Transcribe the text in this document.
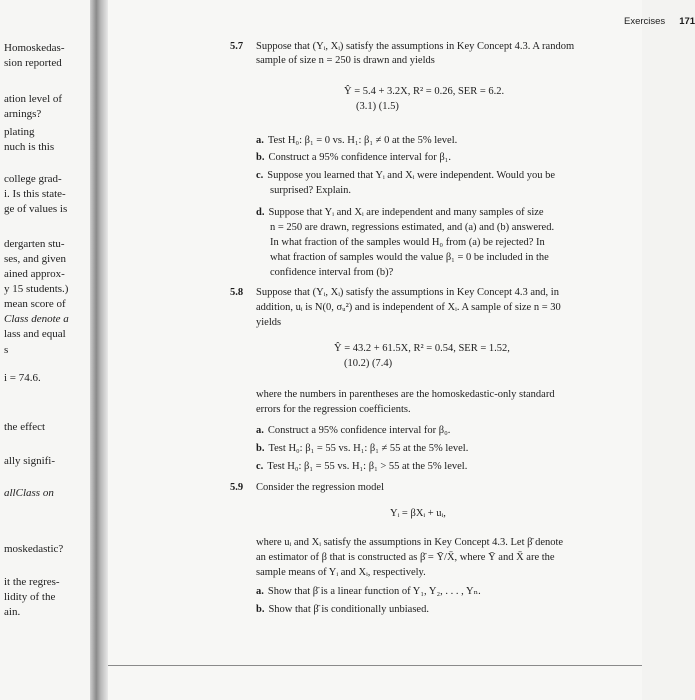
Homoskedas-
sion reported
ation level of
arnings?
plating
nuch is this
college grad-
i. Is this state-
ge of values is
dergarten stu-
ses, and given
ained approx-
y 15 students.)
mean score of
Class denote a
lass and equal
s
i = 74.6.
the effect
ally signifi-
allClass on
moskedastic?
it the regres-
lidity of the
ain.
Exercises 171
5.7 Suppose that (Yᵢ, Xᵢ) satisfy the assumptions in Key Concept 4.3. A random
sample of size n = 250 is drawn and yields
Ŷ = 5.4 + 3.2X, R² = 0.26, SER = 6.2.
(3.1) (1.5)
a. Test H₀: β₁ = 0 vs. H₁: β₁ ≠ 0 at the 5% level.
b. Construct a 95% confidence interval for β₁.
c. Suppose you learned that Yᵢ and Xᵢ were independent. Would you be
surprised? Explain.
d. Suppose that Yᵢ and Xᵢ are independent and many samples of size
n = 250 are drawn, regressions estimated, and (a) and (b) answered.
In what fraction of the samples would H₀ from (a) be rejected? In
what fraction of samples would the value β₁ = 0 be included in the
confidence interval from (b)?
5.8 Suppose that (Yᵢ, Xᵢ) satisfy the assumptions in Key Concept 4.3 and, in
addition, uᵢ is N(0, σᵤ²) and is independent of Xᵢ. A sample of size n = 30
yields
Ŷ = 43.2 + 61.5X, R² = 0.54, SER = 1.52,
(10.2) (7.4)
where the numbers in parentheses are the homoskedastic-only standard
errors for the regression coefficients.
a. Construct a 95% confidence interval for β₀.
b. Test H₀: β₁ = 55 vs. H₁: β₁ ≠ 55 at the 5% level.
c. Test H₀: β₁ = 55 vs. H₁: β₁ > 55 at the 5% level.
5.9 Consider the regression model
Yᵢ = βXᵢ + uᵢ,
where uᵢ and Xᵢ satisfy the assumptions in Key Concept 4.3. Let β̄ denote
an estimator of β that is constructed as β̄ = Ȳ/X̄, where Ȳ and X̄ are the
sample means of Yᵢ and Xᵢ, respectively.
a. Show that β̄ is a linear function of Y₁, Y₂, . . . , Yₙ.
b. Show that β̄ is conditionally unbiased.
